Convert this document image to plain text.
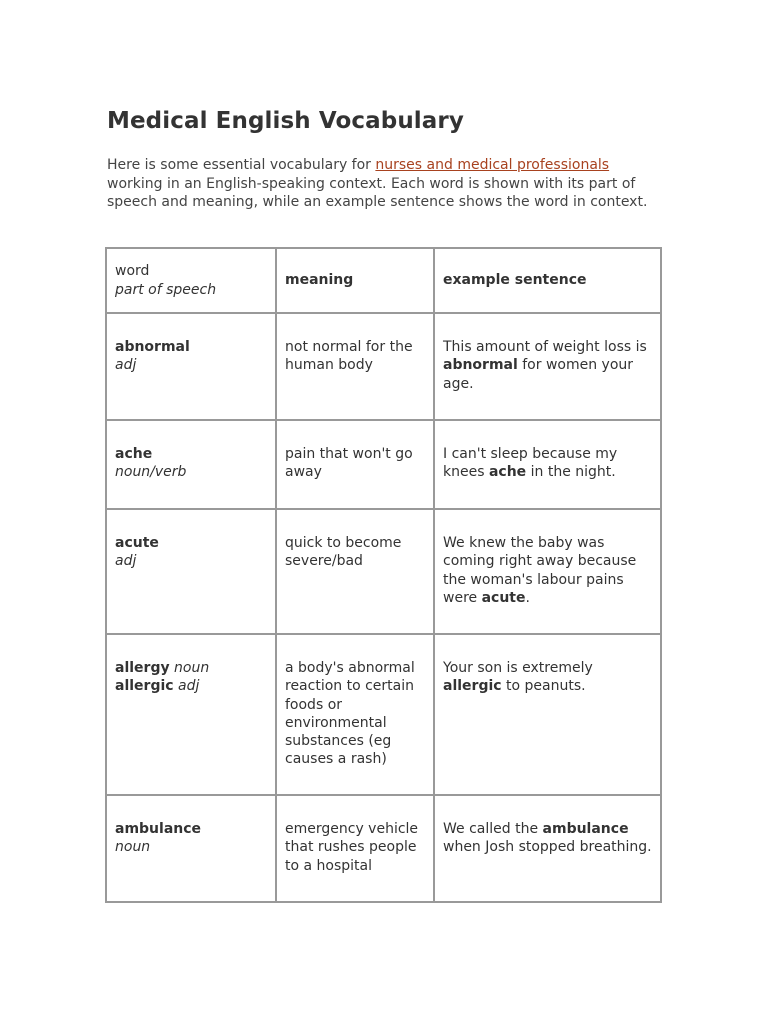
Medical English Vocabulary

Here is some essential vocabulary for nurses and medical professionals working in an English-speaking context. Each word is shown with its part of speech and meaning, while an example sentence shows the word in context.

word
part of speech	meaning	example sentence

abnormal
adj	not normal for the human body	This amount of weight loss is abnormal for women your age.

ache
noun/verb	pain that won't go away	I can't sleep because my knees ache in the night.

acute
adj	quick to become severe/bad	We knew the baby was coming right away because the woman's labour pains were acute.

allergy noun
allergic adj	a body's abnormal reaction to certain foods or environmental substances (eg causes a rash)	Your son is extremely allergic to peanuts.

ambulance
noun	emergency vehicle that rushes people to a hospital	We called the ambulance when Josh stopped breathing.
